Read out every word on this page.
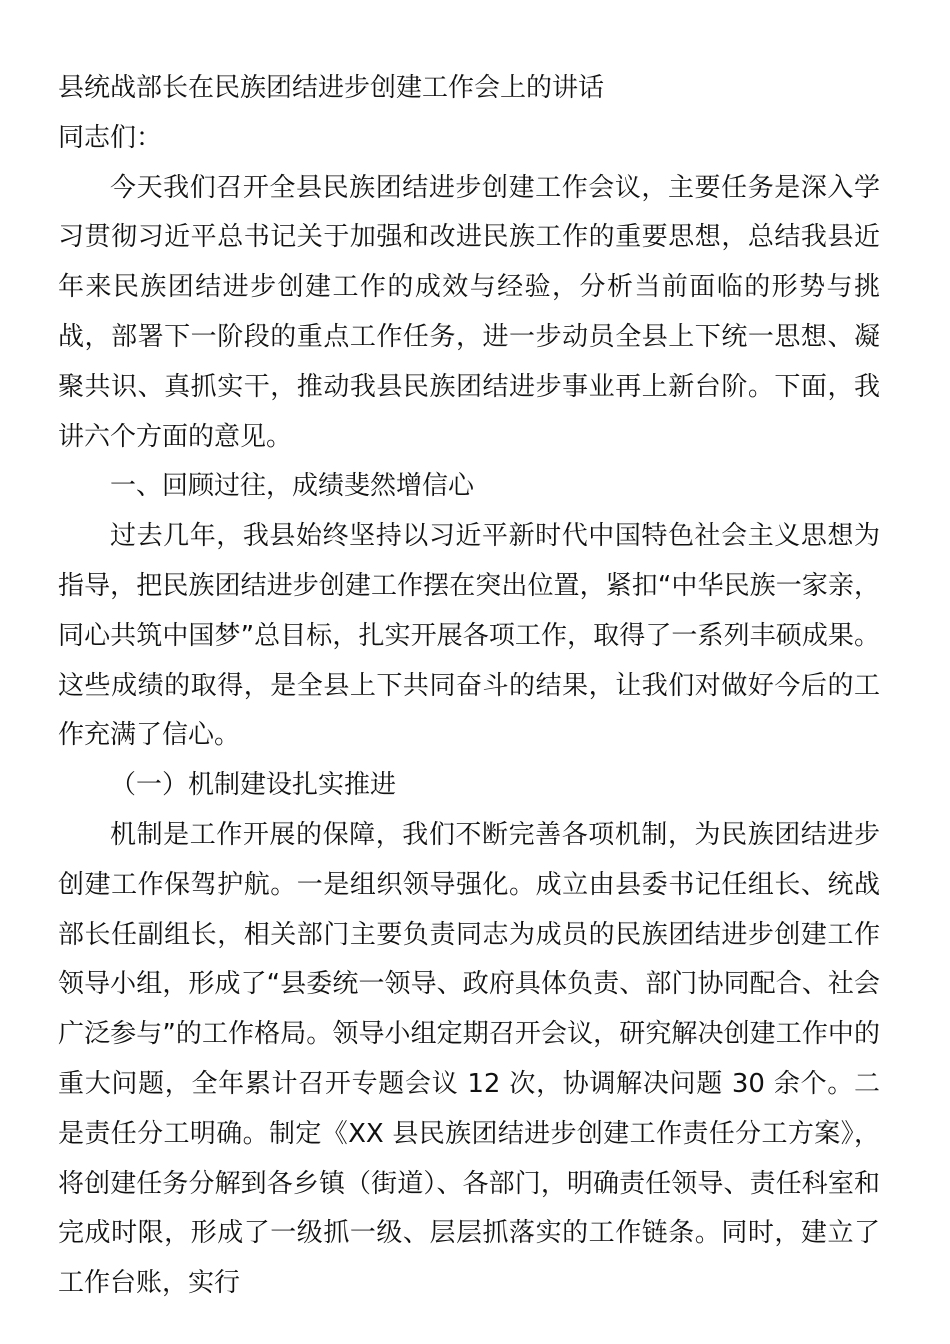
县统战部长在民族团结进步创建工作会上的讲话

同志们：

今天我们召开全县民族团结进步创建工作会议，主要任务是深入学习贯彻习近平总书记关于加强和改进民族工作的重要思想，总结我县近年来民族团结进步创建工作的成效与经验，分析当前面临的形势与挑战，部署下一阶段的重点工作任务，进一步动员全县上下统一思想、凝聚共识、真抓实干，推动我县民族团结进步事业再上新台阶。下面，我讲六个方面的意见。

一、回顾过往，成绩斐然增信心

过去几年，我县始终坚持以习近平新时代中国特色社会主义思想为指导，把民族团结进步创建工作摆在突出位置，紧扣“中华民族一家亲，同心共筑中国梦”总目标，扎实开展各项工作，取得了一系列丰硕成果。这些成绩的取得，是全县上下共同奋斗的结果，让我们对做好今后的工作充满了信心。

（一）机制建设扎实推进

机制是工作开展的保障，我们不断完善各项机制，为民族团结进步创建工作保驾护航。一是组织领导强化。成立由县委书记任组长、统战部长任副组长，相关部门主要负责同志为成员的民族团结进步创建工作领导小组，形成了“县委统一领导、政府具体负责、部门协同配合、社会广泛参与”的工作格局。领导小组定期召开会议，研究解决创建工作中的重大问题，全年累计召开专题会议 12 次，协调解决问题 30 余个。二是责任分工明确。制定《XX 县民族团结进步创建工作责任分工方案》，将创建任务分解到各乡镇（街道）、各部门，明确责任领导、责任科室和完成时限，形成了一级抓一级、层层抓落实的工作链条。同时，建立了工作台账，实行
